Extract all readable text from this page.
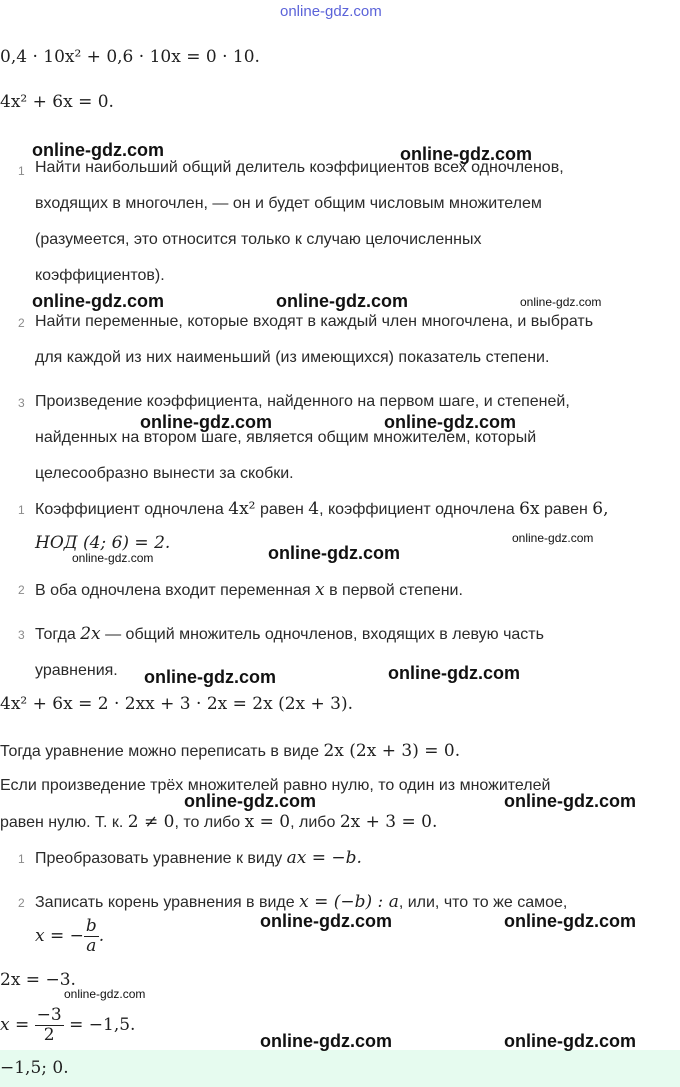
online-gdz.com
0,4 · 10x² + 0,6 · 10x = 0 · 10.
4x² + 6x = 0.
1 Найти наибольший общий делитель коэффициентов всех одночленов,
входящих в многочлен, — он и будет общим числовым множителем
(разумеется, это относится только к случаю целочисленных
коэффициентов).
2 Найти переменные, которые входят в каждый член многочлена, и выбрать
для каждой из них наименьший (из имеющихся) показатель степени.
3 Произведение коэффициента, найденного на первом шаге, и степеней,
найденных на втором шаге, является общим множителем, который
целесообразно вынести за скобки.
1 Коэффициент одночлена 4x² равен 4, коэффициент одночлена 6x равен 6,
НОД (4; 6) = 2.
2 В оба одночлена входит переменная x в первой степени.
3 Тогда 2x — общий множитель одночленов, входящих в левую часть
уравнения.
4x² + 6x = 2 · 2xx + 3 · 2x = 2x (2x + 3).
Тогда уравнение можно переписать в виде 2x (2x + 3) = 0.
Если произведение трёх множителей равно нулю, то один из множителей
равен нулю. Т. к. 2 ≠ 0, то либо x = 0, либо 2x + 3 = 0.
1 Преобразовать уравнение к виду ax = −b.
2 Записать корень уравнения в виде x = (−b) : a, или, что то же самое,
x = − $\frac{b}{a}$ .
2x = −3.
$x = \frac{-3}{2} = -1,5$.
−1,5; 0.
online-gdz.com	online-gdz.com
online-gdz.com	online-gdz.com	online-gdz.com
online-gdz.com	online-gdz.com
online-gdz.com
online-gdz.com
online-gdz.com
online-gdz.com	online-gdz.com
online-gdz.com	online-gdz.com
online-gdz.com	online-gdz.com
online-gdz.com
online-gdz.com	online-gdz.com
